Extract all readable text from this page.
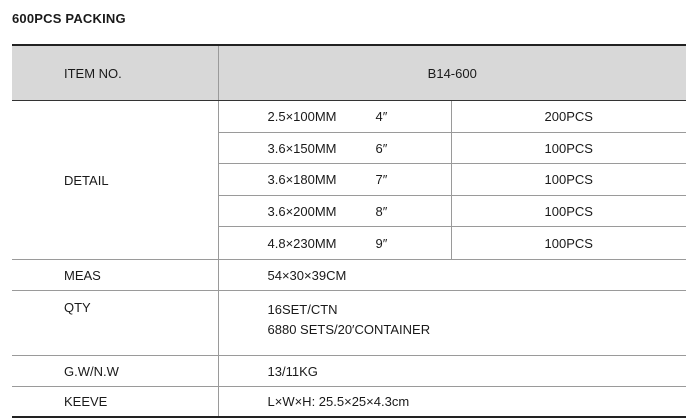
600PCS PACKING
ITEM NO.	B14-600	
DETAIL	2.5×100MM 4″	200PCS
	3.6×150MM 6″	100PCS
	3.6×180MM 7″	100PCS
	3.6×200MM 8″	100PCS
	4.8×230MM 9″	100PCS
MEAS	54×30×39CM	
QTY	16SET/CTN
6880 SETS/20′CONTAINER	

G.W/N.W	13/11KG	
KEEVE	L×W×H: 25.5×25×4.3cm	
